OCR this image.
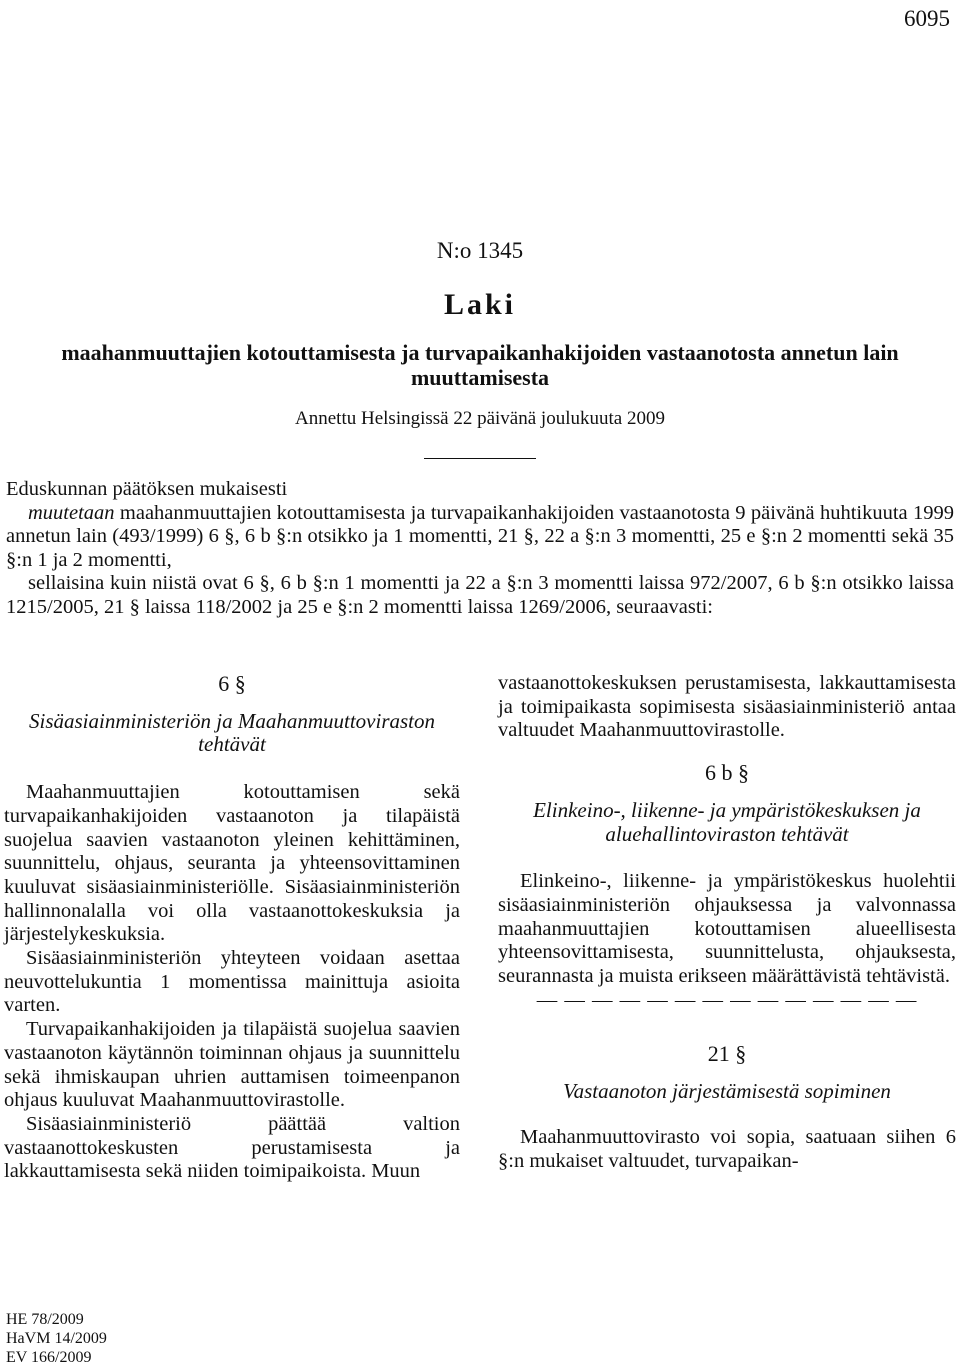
6095
N:o 1345
Laki
maahanmuuttajien kotouttamisesta ja turvapaikanhakijoiden vastaanotosta annetun lain muuttamisesta
Annettu Helsingissä 22 päivänä joulukuuta 2009

Eduskunnan päätöksen mukaisesti

muutetaan maahanmuuttajien kotouttamisesta ja turvapaikanhakijoiden vastaanotosta 9 päivänä huhtikuuta 1999 annetun lain (493/1999) 6 §, 6 b §:n otsikko ja 1 momentti, 21 §, 22 a §:n 3 momentti, 25 e §:n 2 momentti sekä 35 §:n 1 ja 2 momentti,

sellaisina kuin niistä ovat 6 §, 6 b §:n 1 momentti ja 22 a §:n 3 momentti laissa 972/2007, 6 b §:n otsikko laissa 1215/2005, 21 § laissa 118/2002 ja 25 e §:n 2 momentti laissa 1269/2006, seuraavasti:

6 §

Sisäasiainministeriön ja Maahanmuuttoviraston tehtävät

Maahanmuuttajien kotouttamisen sekä turvapaikanhakijoiden vastaanoton ja tilapäistä suojelua saavien vastaanoton yleinen kehittäminen, suunnittelu, ohjaus, seuranta ja yhteensovittaminen kuuluvat sisäasiainministeriölle. Sisäasiainministeriön hallinnonalalla voi olla vastaanottokeskuksia ja järjestelykeskuksia.

Sisäasiainministeriön yhteyteen voidaan asettaa neuvottelukuntia 1 momentissa mainittuja asioita varten.

Turvapaikanhakijoiden ja tilapäistä suojelua saavien vastaanoton käytännön toiminnan ohjaus ja suunnittelu sekä ihmiskaupan uhrien auttamisen toimeenpanon ohjaus kuuluvat Maahanmuuttovirastolle.

Sisäasiainministeriö päättää valtion vastaanottokeskusten perustamisesta ja lakkauttamisesta sekä niiden toimipaikoista. Muun

vastaanottokeskuksen perustamisesta, lakkauttamisesta ja toimipaikasta sopimisesta sisäasiainministeriö antaa valtuudet Maahanmuuttovirastolle.

6 b §

Elinkeino-, liikenne- ja ympäristökeskuksen ja aluehallintoviraston tehtävät

Elinkeino-, liikenne- ja ympäristökeskus huolehtii sisäasiainministeriön ohjauksessa ja valvonnassa maahanmuuttajien kotouttamisen alueellisesta yhteensovittamisesta, suunnittelusta, ohjauksesta, seurannasta ja muista erikseen määrättävistä tehtävistä.

— — — — — — — — — — — — — —

21 §

Vastaanoton järjestämisestä sopiminen

Maahanmuuttovirasto voi sopia, saatuaan siihen 6 §:n mukaiset valtuudet, turvapaikan-

HE 78/2009
HaVM 14/2009
EV 166/2009
